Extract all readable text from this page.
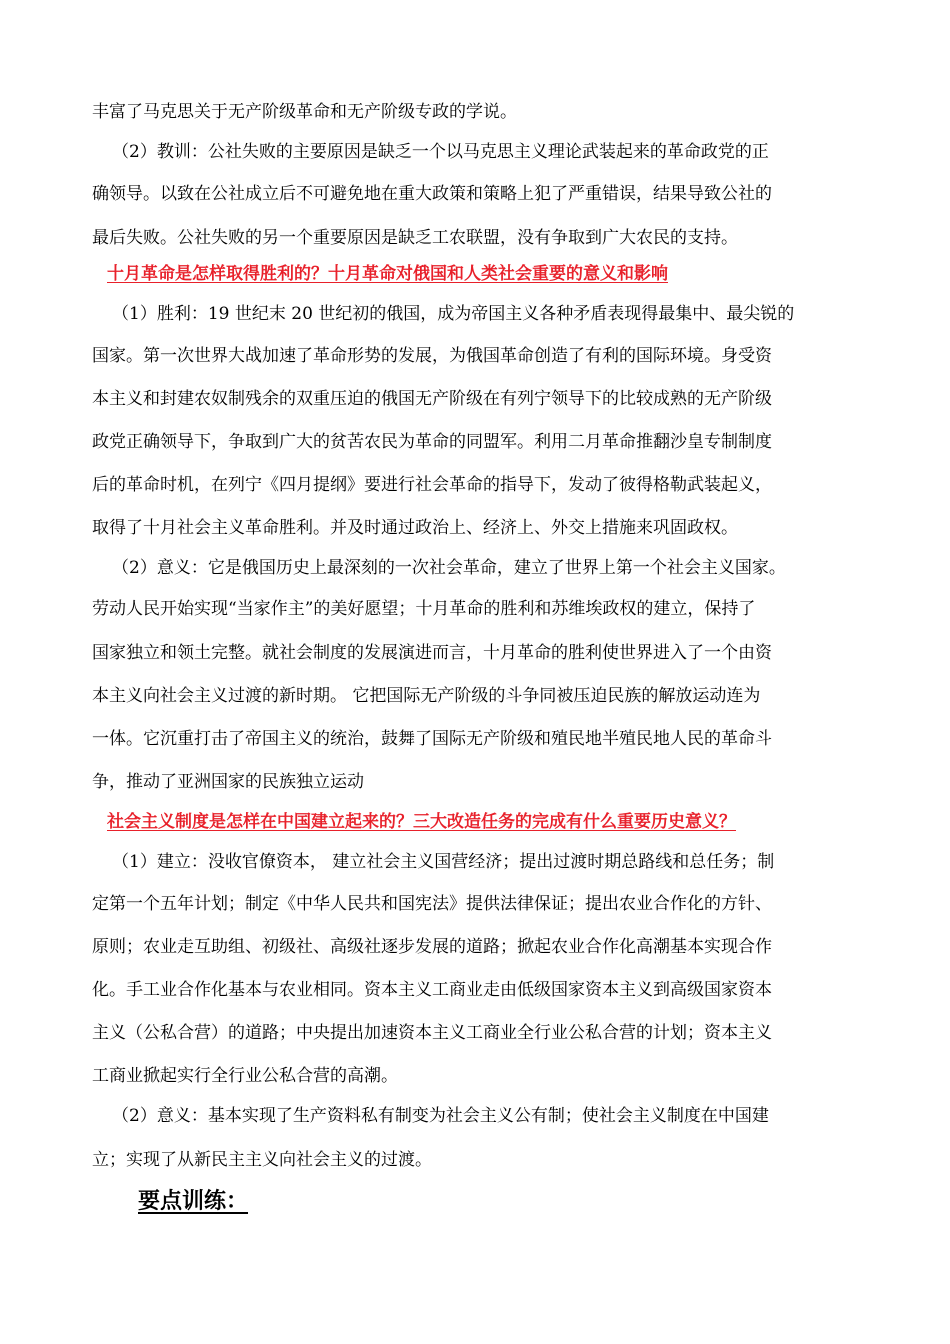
丰富了马克思关于无产阶级革命和无产阶级专政的学说。
（2）教训：公社失败的主要原因是缺乏一个以马克思主义理论武装起来的革命政党的正
确领导。以致在公社成立后不可避免地在重大政策和策略上犯了严重错误，结果导致公社的
最后失败。公社失败的另一个重要原因是缺乏工农联盟，没有争取到广大农民的支持。
十月革命是怎样取得胜利的？十月革命对俄国和人类社会重要的意义和影响
（1）胜利：19 世纪末 20 世纪初的俄国，成为帝国主义各种矛盾表现得最集中、最尖锐的
国家。第一次世界大战加速了革命形势的发展，为俄国革命创造了有利的国际环境。身受资
本主义和封建农奴制残余的双重压迫的俄国无产阶级在有列宁领导下的比较成熟的无产阶级
政党正确领导下，争取到广大的贫苦农民为革命的同盟军。利用二月革命推翻沙皇专制制度
后的革命时机，在列宁《四月提纲》要进行社会革命的指导下，发动了彼得格勒武装起义，
取得了十月社会主义革命胜利。并及时通过政治上、经济上、外交上措施来巩固政权。
（2）意义：它是俄国历史上最深刻的一次社会革命，建立了世界上第一个社会主义国家。
劳动人民开始实现“当家作主”的美好愿望；十月革命的胜利和苏维埃政权的建立，保持了
国家独立和领土完整。就社会制度的发展演进而言，十月革命的胜利使世界进入了一个由资
本主义向社会主义过渡的新时期。 它把国际无产阶级的斗争同被压迫民族的解放运动连为
一体。它沉重打击了帝国主义的统治，鼓舞了国际无产阶级和殖民地半殖民地人民的革命斗
争，推动了亚洲国家的民族独立运动
社会主义制度是怎样在中国建立起来的？三大改造任务的完成有什么重要历史意义？
（1）建立：没收官僚资本， 建立社会主义国营经济；提出过渡时期总路线和总任务；制
定第一个五年计划；制定《中华人民共和国宪法》提供法律保证；提出农业合作化的方针、
原则；农业走互助组、初级社、高级社逐步发展的道路；掀起农业合作化高潮基本实现合作
化。手工业合作化基本与农业相同。资本主义工商业走由低级国家资本主义到高级国家资本
主义（公私合营）的道路；中央提出加速资本主义工商业全行业公私合营的计划；资本主义
工商业掀起实行全行业公私合营的高潮。
（2）意义：基本实现了生产资料私有制变为社会主义公有制；使社会主义制度在中国建
立；实现了从新民主主义向社会主义的过渡。
要点训练：
